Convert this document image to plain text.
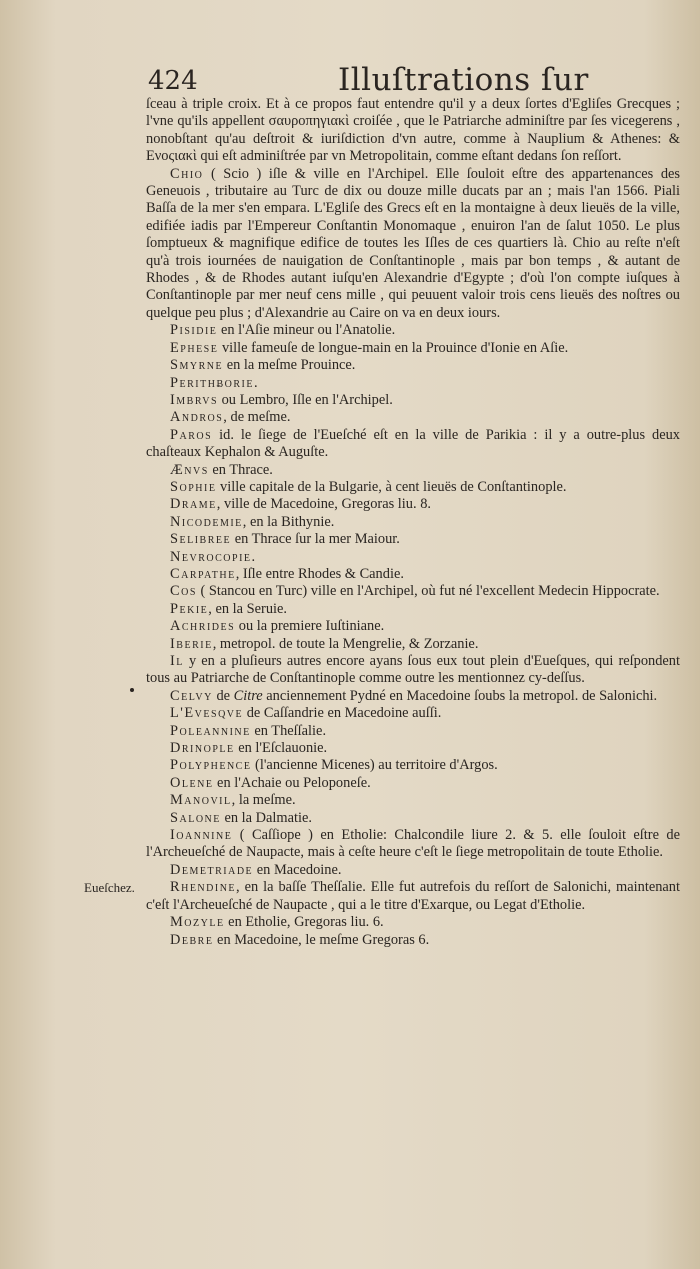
424	Illuſtrations ſur
Eueſchez.

ſceau à triple croix. Et à ce propos faut entendre qu'il y a deux ſortes d'Egliſes Grecques ; l'vne qu'ils appellent σαυροπηγιακὶ croiſée , que le Patriarche adminiſtre par ſes vicegerens , nonobſtant qu'au deſtroit & iuriſdiction d'vn autre, comme à Nauplium & Athenes: & Ενοςιακὶ qui eſt adminiſtrée par vn Metropolitain, comme eſtant dedans ſon reſſort.

Chio ( Scio ) iſle & ville en l'Archipel. Elle ſouloit eſtre des appartenances des Geneuois , tributaire au Turc de dix ou douze mille ducats par an ; mais l'an 1566. Piali Baſſa de la mer s'en empara. L'Egliſe des Grecs eſt en la montaigne à deux lieuës de la ville, edifiée iadis par l'Empereur Conſtantin Monomaque , enuiron l'an de ſalut 1050. Le plus ſomptueux & magnifique edifice de toutes les Iſles de ces quartiers là. Chio au reſte n'eſt qu'à trois iournées de nauigation de Conſtantinople , mais par bon temps , & autant de Rhodes , & de Rhodes autant iuſqu'en Alexandrie d'Egypte ; d'où l'on compte iuſques à Conſtantinople par mer neuf cens mille , qui peuuent valoir trois cens lieuës des noſtres ou quelque peu plus ; d'Alexandrie au Caire on va en deux iours.

Piſidie en l'Aſie mineur ou l'Anatolie.

Epheſe ville fameuſe de longue-main en la Prouince d'Ionie en Aſie.

Smyrne en la meſme Prouince.

Perithƀorie.

Imbrvs ou Lembro, Iſle en l'Archipel.

Andros, de meſme.

Paros id. le ſiege de l'Eueſché eſt en la ville de Parikia : il y a outre-plus deux chaſteaux Kephalon & Auguſte.

Ænvs en Thrace.

Sophie ville capitale de la Bulgarie, à cent lieuës de Conſtantinople.

Drame, ville de Macedoine, Gregoras liu. 8.

Nicodemie, en la Bithynie.

Selibree en Thrace ſur la mer Maiour.

Nevrocopie.

Carpathe, Iſle entre Rhodes & Candie.

Cos ( Stancou en Turc) ville en l'Archipel, où fut né l'excellent Medecin Hippocrate.

Pekie, en la Seruie.

Achrides ou la premiere Iuſtiniane.

Iberie, metropol. de toute la Mengrelie, & Zorzanie.

Il y en a pluſieurs autres encore ayans ſous eux tout plein d'Eueſques, qui reſpondent tous au Patriarche de Conſtantinople comme outre les mentionnez cy-deſſus.

Celvy de Citre anciennement Pydné en Macedoine ſoubs la metropol. de Salonichi.

L'Evesqve de Caſſandrie en Macedoine auſſi.

Poleannine en Theſſalie.

Drinople en l'Eſclauonie.

Polyphence (l'ancienne Micenes) au territoire d'Argos.

Olene en l'Achaie ou Peloponeſe.

Manovil, la meſme.

Salone en la Dalmatie.

Ioannine ( Caſſiope ) en Etholie: Chalcondile liure 2. & 5. elle ſouloit eſtre de l'Archeueſché de Naupacte, mais à ceſte heure c'eſt le ſiege metropolitain de toute Etholie.

Demetriade en Macedoine.

Rhendine, en la baſſe Theſſalie. Elle fut autrefois du reſſort de Salonichi, maintenant c'eſt l'Archeueſché de Naupacte , qui a le titre d'Exarque, ou Legat d'Etholie.

Mozyle en Etholie, Gregoras liu. 6.

Debre en Macedoine, le meſme Gregoras 6.
